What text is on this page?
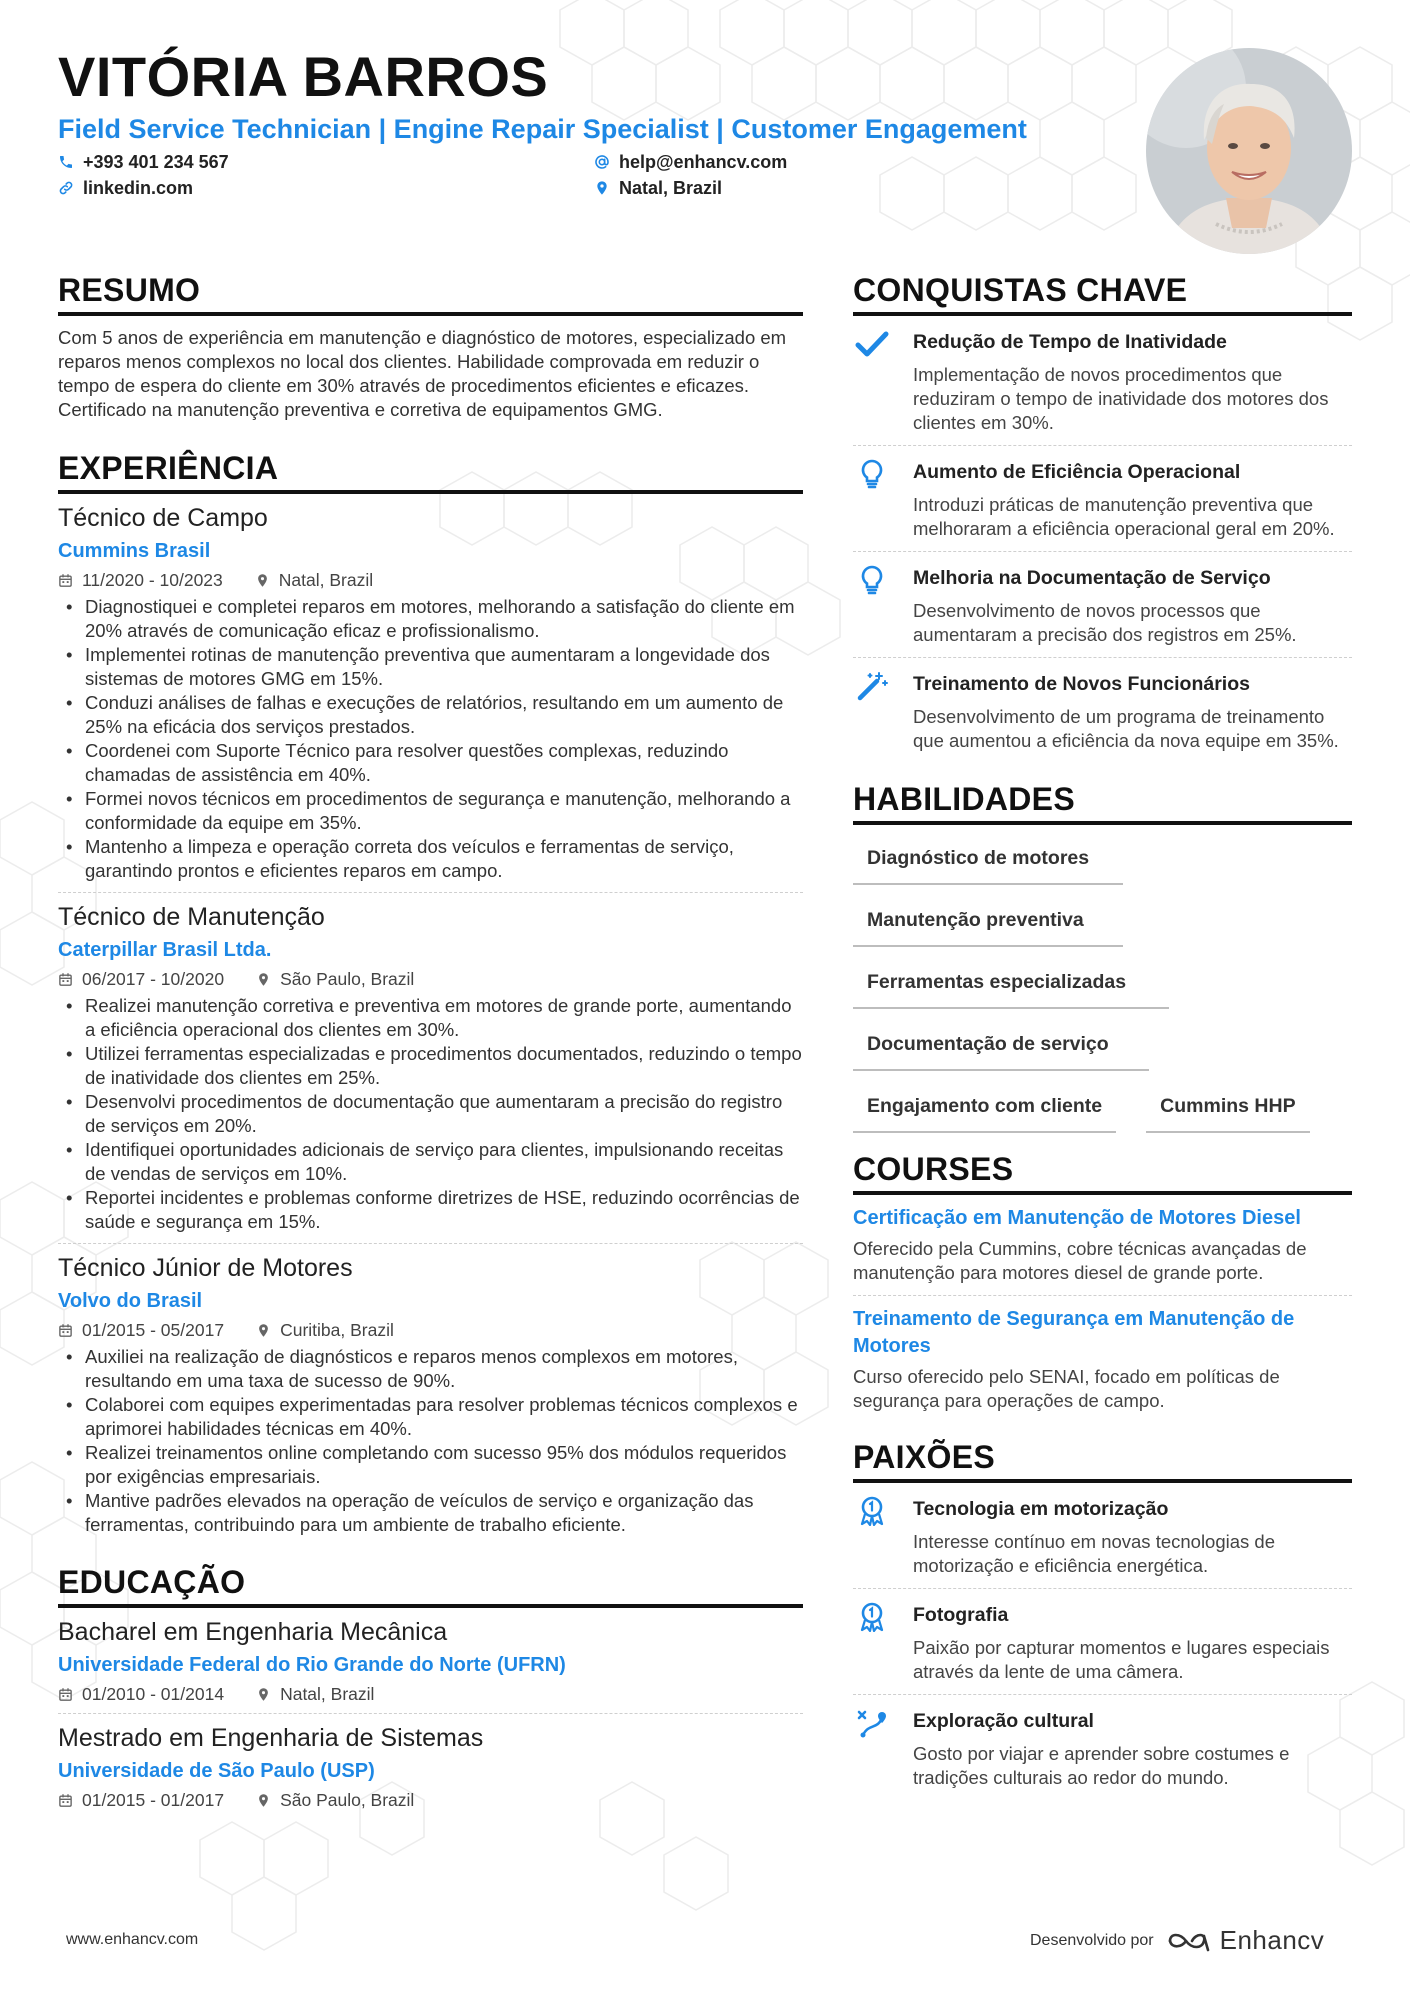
VITÓRIA BARROS
Field Service Technician | Engine Repair Specialist | Customer Engagement
+393 401 234 567	help@enhancv.com
linkedin.com	Natal, Brazil
RESUMO
Com 5 anos de experiência em manutenção e diagnóstico de motores, especializado em reparos menos complexos no local dos clientes. Habilidade comprovada em reduzir o tempo de espera do cliente em 30% através de procedimentos eficientes e eficazes. Certificado na manutenção preventiva e corretiva de equipamentos GMG.
EXPERIÊNCIA
Técnico de Campo
Cummins Brasil
11/2020 - 10/2023	Natal, Brazil
• Diagnostiquei e completei reparos em motores, melhorando a satisfação do cliente em 20% através de comunicação eficaz e profissionalismo.
• Implementei rotinas de manutenção preventiva que aumentaram a longevidade dos sistemas de motores GMG em 15%.
• Conduzi análises de falhas e execuções de relatórios, resultando em um aumento de 25% na eficácia dos serviços prestados.
• Coordenei com Suporte Técnico para resolver questões complexas, reduzindo chamadas de assistência em 40%.
• Formei novos técnicos em procedimentos de segurança e manutenção, melhorando a conformidade da equipe em 35%.
• Mantenho a limpeza e operação correta dos veículos e ferramentas de serviço, garantindo prontos e eficientes reparos em campo.
Técnico de Manutenção
Caterpillar Brasil Ltda.
06/2017 - 10/2020	São Paulo, Brazil
• Realizei manutenção corretiva e preventiva em motores de grande porte, aumentando a eficiência operacional dos clientes em 30%.
• Utilizei ferramentas especializadas e procedimentos documentados, reduzindo o tempo de inatividade dos clientes em 25%.
• Desenvolvi procedimentos de documentação que aumentaram a precisão do registro de serviços em 20%.
• Identifiquei oportunidades adicionais de serviço para clientes, impulsionando receitas de vendas de serviços em 10%.
• Reportei incidentes e problemas conforme diretrizes de HSE, reduzindo ocorrências de saúde e segurança em 15%.
Técnico Júnior de Motores
Volvo do Brasil
01/2015 - 05/2017	Curitiba, Brazil
• Auxiliei na realização de diagnósticos e reparos menos complexos em motores, resultando em uma taxa de sucesso de 90%.
• Colaborei com equipes experimentadas para resolver problemas técnicos complexos e aprimorei habilidades técnicas em 40%.
• Realizei treinamentos online completando com sucesso 95% dos módulos requeridos por exigências empresariais.
• Mantive padrões elevados na operação de veículos de serviço e organização das ferramentas, contribuindo para um ambiente de trabalho eficiente.
EDUCAÇÃO
Bacharel em Engenharia Mecânica
Universidade Federal do Rio Grande do Norte (UFRN)
01/2010 - 01/2014	Natal, Brazil
Mestrado em Engenharia de Sistemas
Universidade de São Paulo (USP)
01/2015 - 01/2017	São Paulo, Brazil
CONQUISTAS CHAVE
Redução de Tempo de Inatividade
Implementação de novos procedimentos que reduziram o tempo de inatividade dos motores dos clientes em 30%.
Aumento de Eficiência Operacional
Introduzi práticas de manutenção preventiva que melhoraram a eficiência operacional geral em 20%.
Melhoria na Documentação de Serviço
Desenvolvimento de novos processos que aumentaram a precisão dos registros em 25%.
Treinamento de Novos Funcionários
Desenvolvimento de um programa de treinamento que aumentou a eficiência da nova equipe em 35%.
HABILIDADES
Diagnóstico de motores
Manutenção preventiva
Ferramentas especializadas
Documentação de serviço
Engajamento com cliente	Cummins HHP
COURSES
Certificação em Manutenção de Motores Diesel
Oferecido pela Cummins, cobre técnicas avançadas de manutenção para motores diesel de grande porte.
Treinamento de Segurança em Manutenção de Motores
Curso oferecido pelo SENAI, focado em políticas de segurança para operações de campo.
PAIXÕES
Tecnologia em motorização
Interesse contínuo em novas tecnologias de motorização e eficiência energética.
Fotografia
Paixão por capturar momentos e lugares especiais através da lente de uma câmera.
Exploração cultural
Gosto por viajar e aprender sobre costumes e tradições culturais ao redor do mundo.
www.enhancv.com	Desenvolvido por	Enhancv
